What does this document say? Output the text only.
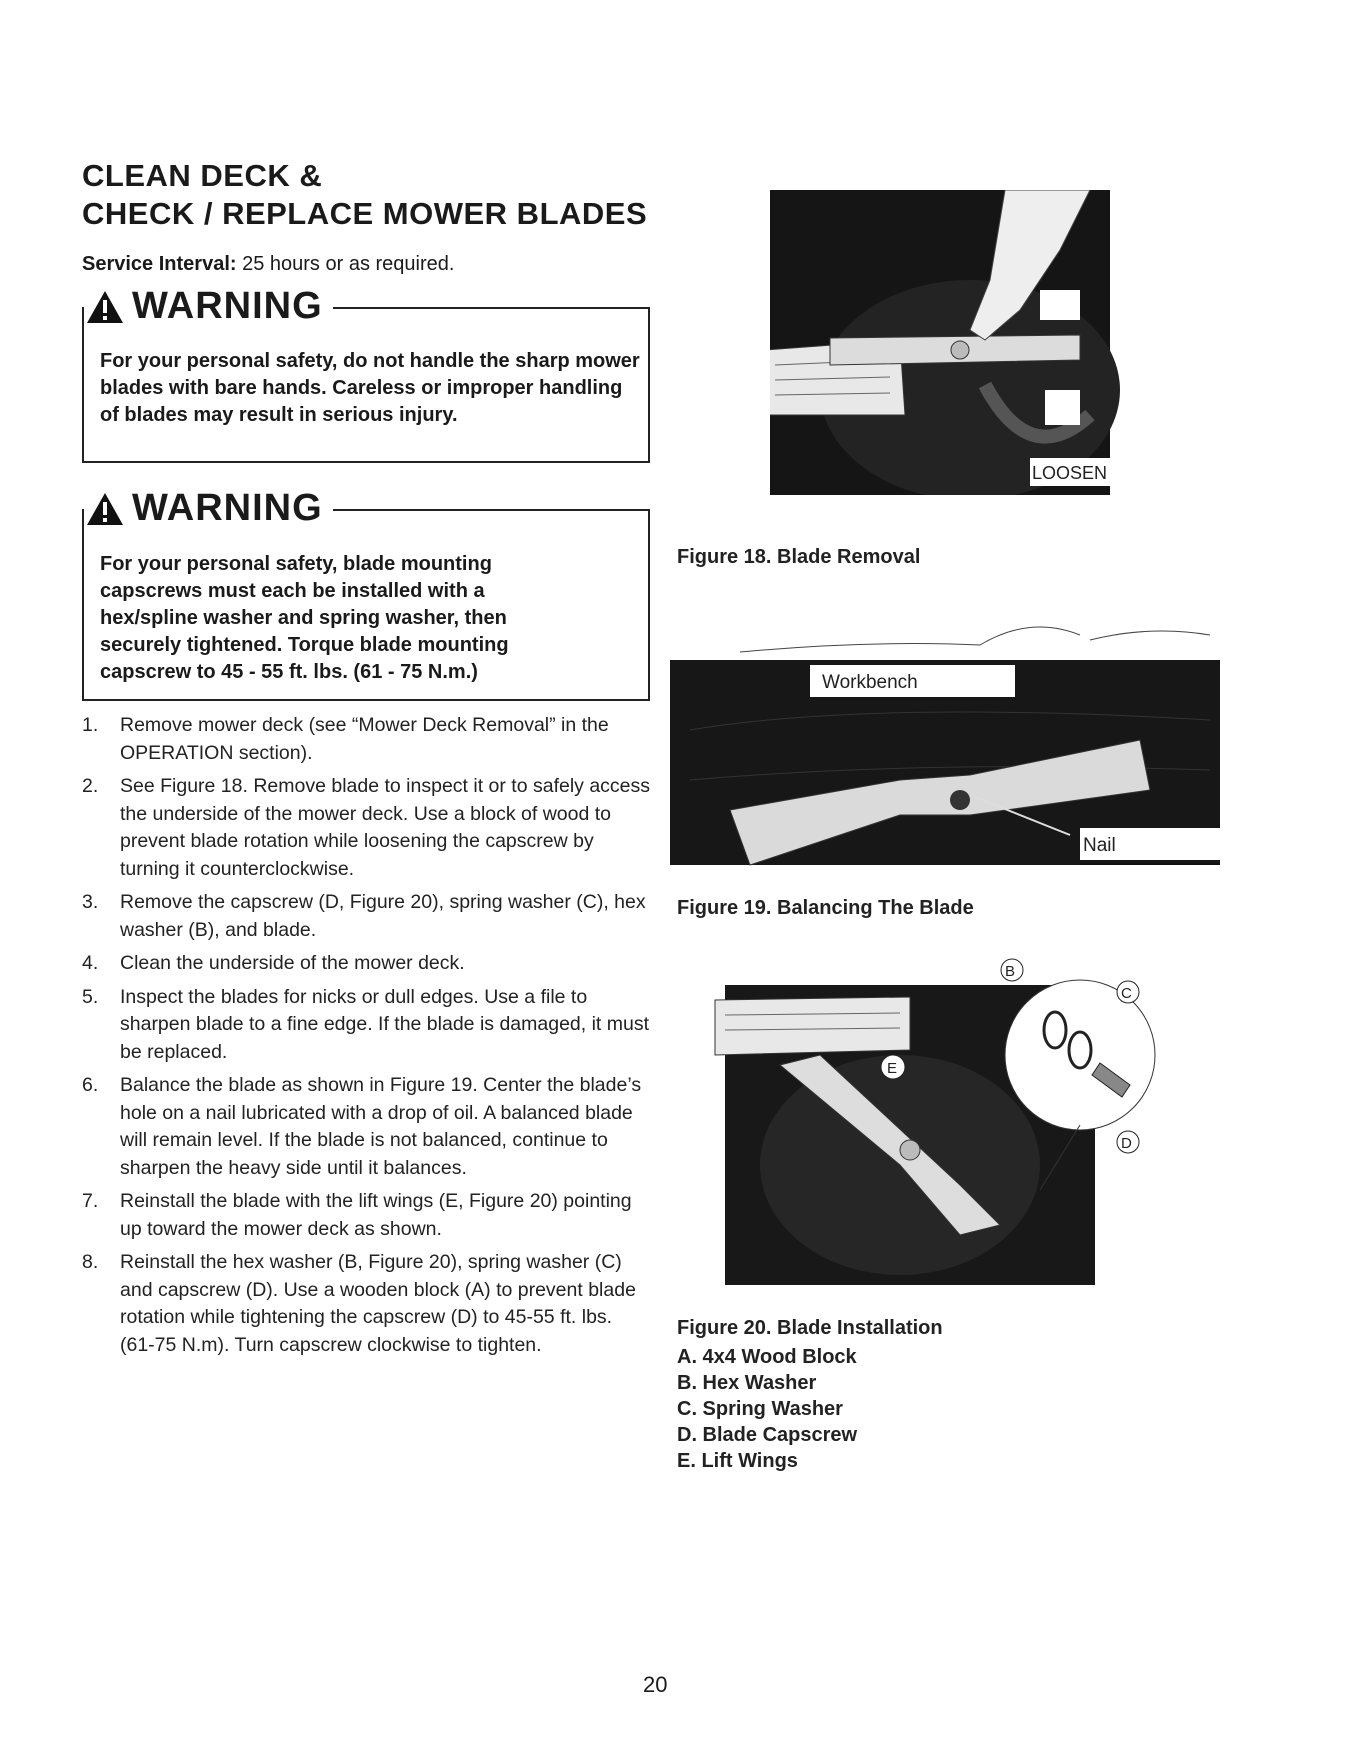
CLEAN DECK &
CHECK / REPLACE MOWER BLADES
Service Interval: 25 hours or as required.
WARNING
For your personal safety, do not handle the sharp mower blades with bare hands. Careless or improper handling of blades may result in serious injury.
WARNING
For your personal safety, blade mounting capscrews must each be installed with a hex/spline washer and spring washer, then securely tightened. Torque blade mounting capscrew to 45 - 55 ft. lbs. (61 - 75 N.m.)
1. Remove mower deck (see “Mower Deck Removal” in the OPERATION section).
2. See Figure 18. Remove blade to inspect it or to safely access the underside of the mower deck. Use a block of wood to prevent blade rotation while loosening the capscrew by turning it counterclockwise.
3. Remove the capscrew (D, Figure 20), spring washer (C), hex washer (B), and blade.
4. Clean the underside of the mower deck.
5. Inspect the blades for nicks or dull edges. Use a file to sharpen blade to a fine edge. If the blade is damaged, it must be replaced.
6. Balance the blade as shown in Figure 19. Center the blade’s hole on a nail lubricated with a drop of oil. A balanced blade will remain level. If the blade is not balanced, continue to sharpen the heavy side until it balances.
7. Reinstall the blade with the lift wings (E, Figure 20) pointing up toward the mower deck as shown.
8. Reinstall the hex washer (B, Figure 20), spring washer (C) and capscrew (D). Use a wooden block (A) to prevent blade rotation while tightening the capscrew (D) to 45-55 ft. lbs. (61-75 N.m). Turn capscrew clockwise to tighten.
LOOSEN
Figure 18. Blade Removal
Workbench
Nail
Figure 19. Balancing The Blade
B
C
D
E
Figure 20. Blade Installation
A. 4x4 Wood Block
B. Hex Washer
C. Spring Washer
D. Blade Capscrew
E. Lift Wings
20
